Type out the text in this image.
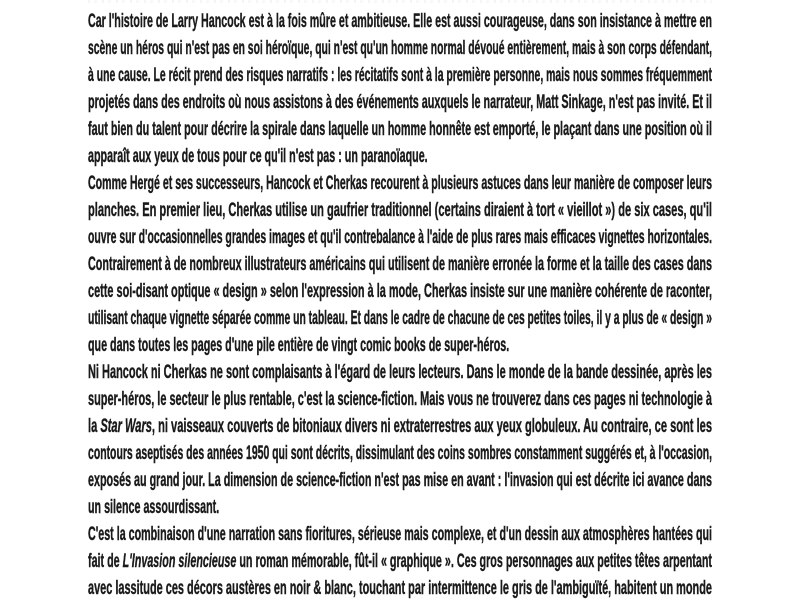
Car l'histoire de Larry Hancock est à la fois mûre et ambitieuse. Elle est aussi courageuse, dans son insistance à mettre en
scène un héros qui n'est pas en soi héroïque, qui n'est qu'un homme normal dévoué entièrement, mais à son corps défendant,
à une cause. Le récit prend des risques narratifs : les récitatifs sont à la première personne, mais nous sommes fréquemment
projetés dans des endroits où nous assistons à des événements auxquels le narrateur, Matt Sinkage, n'est pas invité. Et il
faut bien du talent pour décrire la spirale dans laquelle un homme honnête est emporté, le plaçant dans une position où il
apparaît aux yeux de tous pour ce qu'il n'est pas : un paranoïaque.
Comme Hergé et ses successeurs, Hancock et Cherkas recourent à plusieurs astuces dans leur manière de composer leurs
planches. En premier lieu, Cherkas utilise un gaufrier traditionnel (certains diraient à tort « vieillot ») de six cases, qu'il
ouvre sur d'occasionnelles grandes images et qu'il contrebalance à l'aide de plus rares mais efficaces vignettes horizontales.
Contrairement à de nombreux illustrateurs américains qui utilisent de manière erronée la forme et la taille des cases dans
cette soi-disant optique « design » selon l'expression à la mode, Cherkas insiste sur une manière cohérente de raconter,
utilisant chaque vignette séparée comme un tableau. Et dans le cadre de chacune de ces petites toiles, il y a plus de « design »
que dans toutes les pages d'une pile entière de vingt comic books de super-héros.
Ni Hancock ni Cherkas ne sont complaisants à l'égard de leurs lecteurs. Dans le monde de la bande dessinée, après les
super-héros, le secteur le plus rentable, c'est la science-fiction. Mais vous ne trouverez dans ces pages ni technologie à
la Star Wars, ni vaisseaux couverts de bitoniaux divers ni extraterrestres aux yeux globuleux. Au contraire, ce sont les
contours aseptisés des années 1950 qui sont décrits, dissimulant des coins sombres constamment suggérés et, à l'occasion,
exposés au grand jour. La dimension de science-fiction n'est pas mise en avant : l'invasion qui est décrite ici avance dans
un silence assourdissant.
C'est la combinaison d'une narration sans fioritures, sérieuse mais complexe, et d'un dessin aux atmosphères hantées qui
fait de L'Invasion silencieuse un roman mémorable, fût-il « graphique ». Ces gros personnages aux petites têtes arpentant
avec lassitude ces décors austères en noir & blanc, touchant par intermittence le gris de l'ambiguïté, habitent un monde
